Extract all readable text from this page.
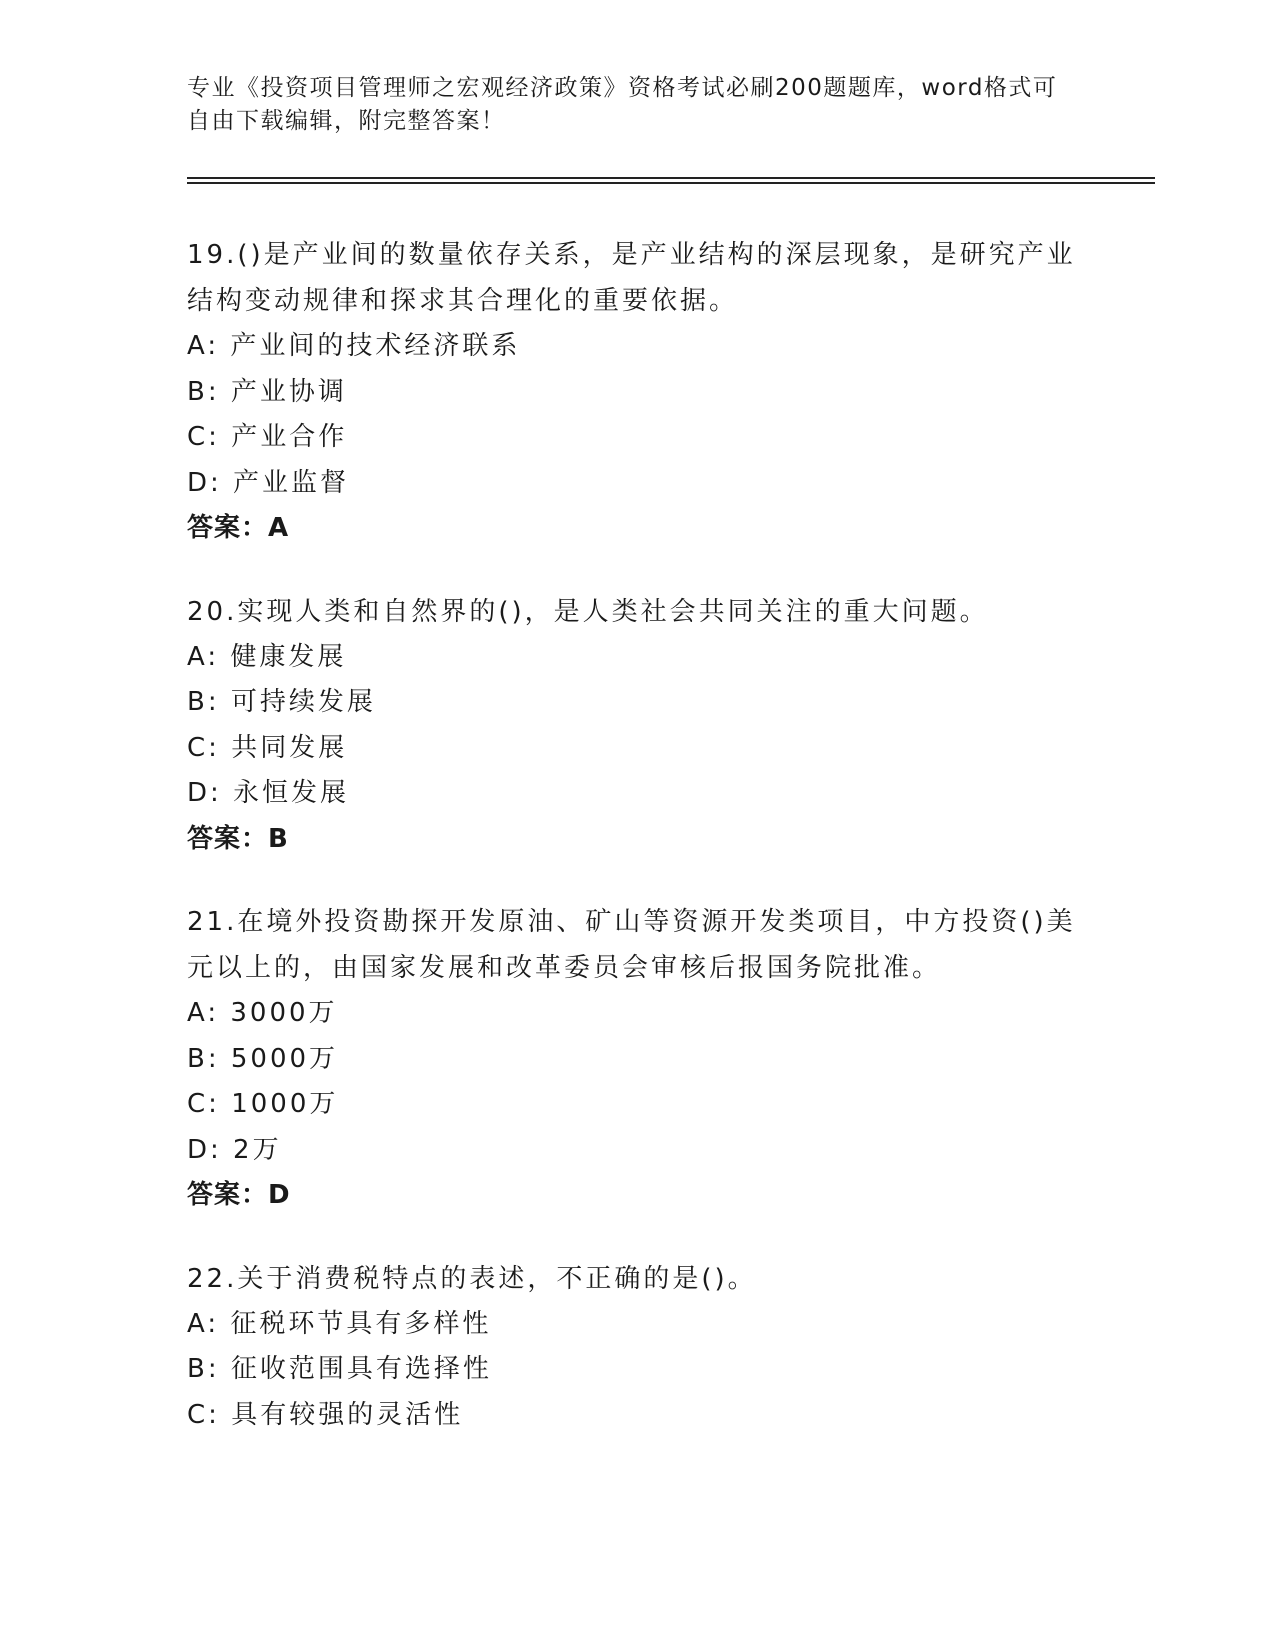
专业《投资项目管理师之宏观经济政策》资格考试必刷200题题库，word格式可
自由下载编辑，附完整答案！

19.()是产业间的数量依存关系，是产业结构的深层现象，是研究产业
结构变动规律和探求其合理化的重要依据。

A: 产业间的技术经济联系

B: 产业协调

C: 产业合作

D: 产业监督

答案：A

20.实现人类和自然界的()，是人类社会共同关注的重大问题。

A: 健康发展

B: 可持续发展

C: 共同发展

D: 永恒发展

答案：B

21.在境外投资勘探开发原油、矿山等资源开发类项目，中方投资()美
元以上的，由国家发展和改革委员会审核后报国务院批准。

A: 3000万

B: 5000万

C: 1000万

D: 2万

答案：D

22.关于消费税特点的表述，不正确的是()。

A: 征税环节具有多样性

B: 征收范围具有选择性

C: 具有较强的灵活性
